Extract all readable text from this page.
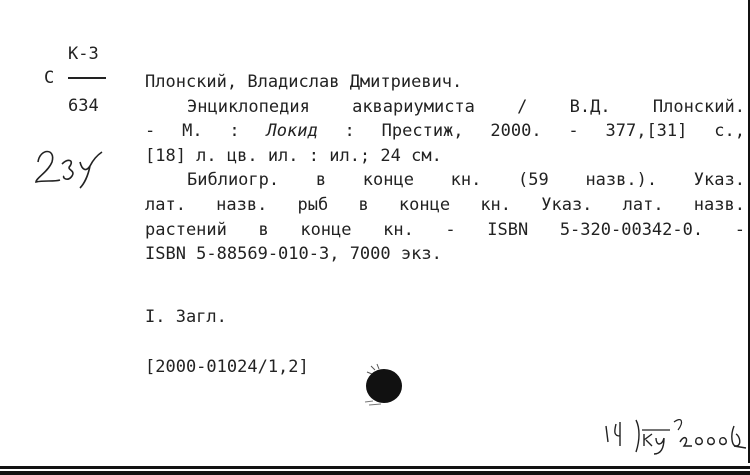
К-3
С
634
Плонский, Владислав Дмитриевич.
Энциклопедия аквариумиста / В.Д. Плонский.
- М. : Локид : Престиж, 2000. - 377,[31] с.,
[18] л. цв. ил. : ил.; 24 см.
Библиогр. в конце кн. (59 назв.). Указ.
лат. назв. рыб в конце кн. Указ. лат. назв.
растений в конце кн. - ISBN 5-320-00342-0. -
ISBN 5-88569-010-3, 7000 экз.
I. Загл.
[2000-01024/1,2]
